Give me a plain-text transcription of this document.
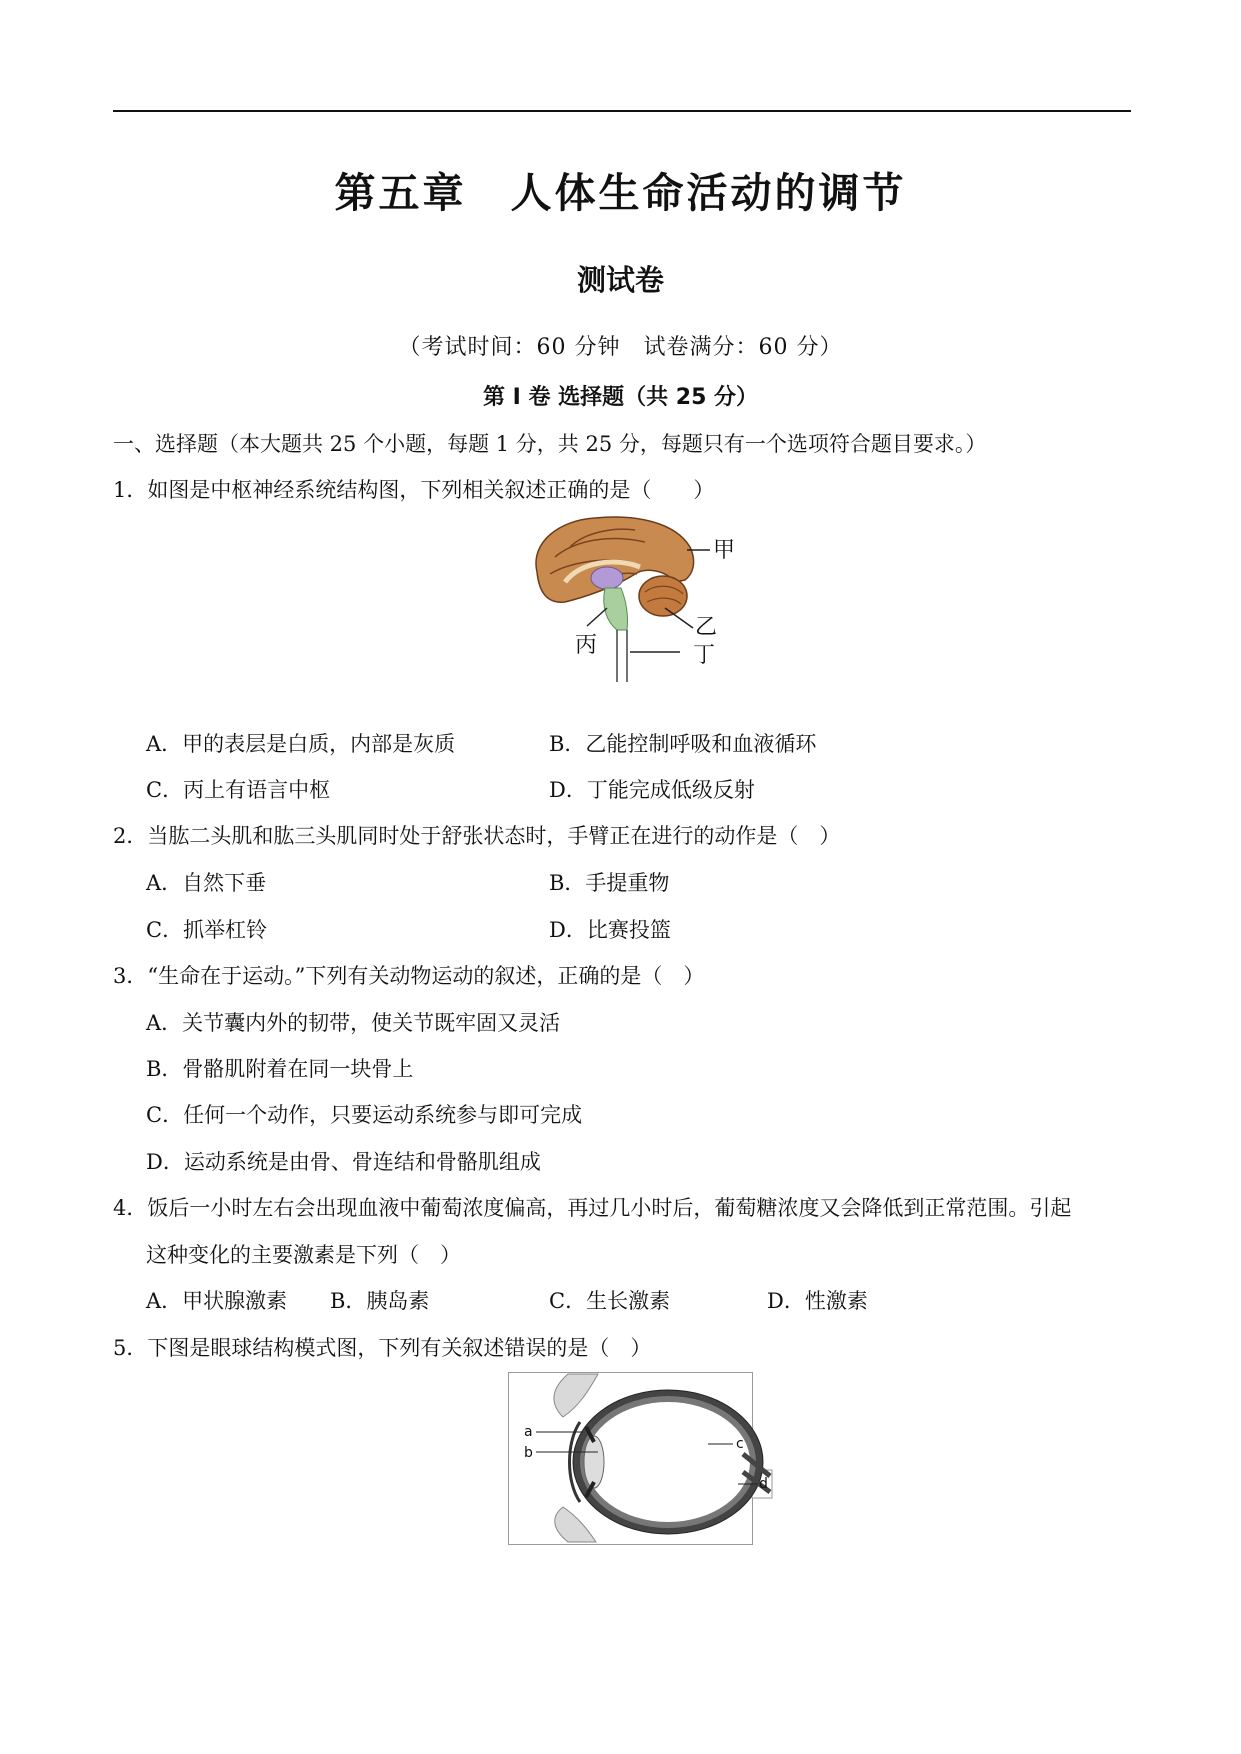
第五章　人体生命活动的调节
测试卷
（考试时间：60 分钟　试卷满分：60 分）
第 I 卷 选择题（共 25 分）
一、选择题（本大题共 25 个小题，每题 1 分，共 25 分，每题只有一个选项符合题目要求。）
1．如图是中枢神经系统结构图，下列相关叙述正确的是（　　）
甲
乙
丙	丁
A．甲的表层是白质，内部是灰质	B．乙能控制呼吸和血液循环
C．丙上有语言中枢	D．丁能完成低级反射
2．当肱二头肌和肱三头肌同时处于舒张状态时，手臂正在进行的动作是（　）
A．自然下垂	B．手提重物
C．抓举杠铃	D．比赛投篮
3．“生命在于运动。”下列有关动物运动的叙述，正确的是（　）
A．关节囊内外的韧带，使关节既牢固又灵活
B．骨骼肌附着在同一块骨上
C．任何一个动作，只要运动系统参与即可完成
D．运动系统是由骨、骨连结和骨骼肌组成
4．饭后一小时左右会出现血液中葡萄浓度偏高，再过几小时后，葡萄糖浓度又会降低到正常范围。引起
这种变化的主要激素是下列（　）
A．甲状腺激素 B．胰岛素	C．生长激素	D．性激素
5．下图是眼球结构模式图，下列有关叙述错误的是（　）
a
b
c
d
